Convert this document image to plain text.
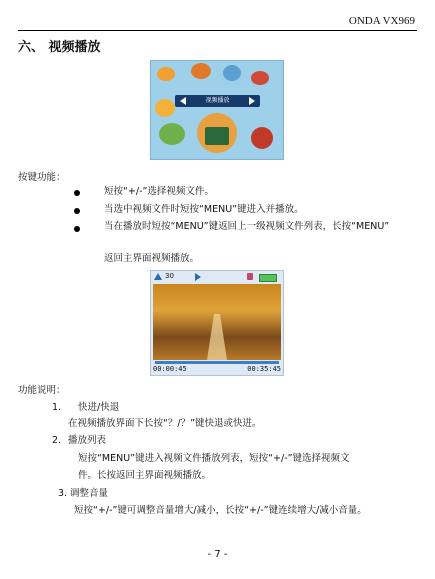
ONDA VX969
六、 视频播放
视频播放
按键功能：
短按“+/-”选择视频文件。
当选中视频文件时短按“MENU”键进入并播放。
当在播放时短按“MENU”键返回上一级视频文件列表，长按“MENU”
返回主界面视频播放。
30
00:00:45	00:35:45
功能说明：
1. 快进/快退
在视频播放界面下长按“？/？”键快退或快进。
2. 播放列表
短按“MENU”键进入视频文件播放列表，短按“+/-”键选择视频文
件。长按返回主界面视频播放。
3. 调整音量
短按“+/-”键可调整音量增大/减小，长按“+/-”键连续增大/减小音量。
- 7 -
